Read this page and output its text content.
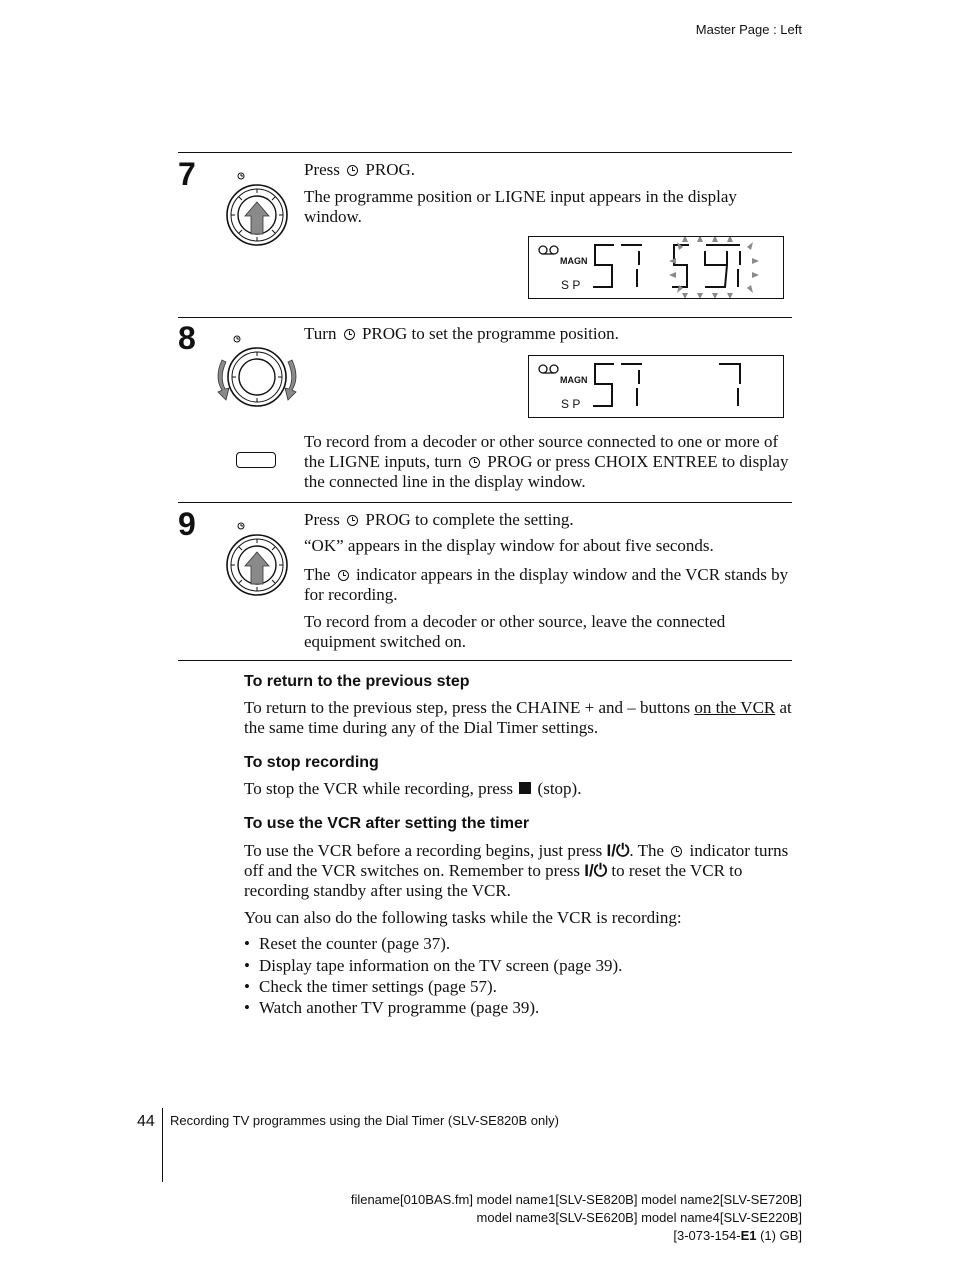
Master Page : Left
7	Press PROG.

The programme position or LIGNE input appears in the display window.

MAGN
S P
8	Turn PROG to set the programme position.

MAGN
S P

To record from a decoder or other source connected to one or more of the LIGNE inputs, turn PROG or press CHOIX ENTREE to display the connected line in the display window.

9	Press PROG to complete the setting.

“OK” appears in the display window for about five seconds.

The indicator appears in the display window and the VCR stands by for recording.

To record from a decoder or other source, leave the connected equipment switched on.

To return to the previous step

To return to the previous step, press the CHAINE + and – buttons on the VCR at the same time during any of the Dial Timer settings.

To stop recording

To stop the VCR while recording, press (stop).

To use the VCR after setting the timer

To use the VCR before a recording begins, just press I/⏻. The indicator turns off and the VCR switches on. Remember to press I/⏻ to reset the VCR to recording standby after using the VCR.

You can also do the following tasks while the VCR is recording:

• Reset the counter (page 37).
• Display tape information on the TV screen (page 39).
• Check the timer settings (page 57).
• Watch another TV programme (page 39).
44 Recording TV programmes using the Dial Timer (SLV-SE820B only)
filename[010BAS.fm] model name1[SLV-SE820B] model name2[SLV-SE720B]
model name3[SLV-SE620B] model name4[SLV-SE220B]
[3-073-154-E1 (1) GB]
